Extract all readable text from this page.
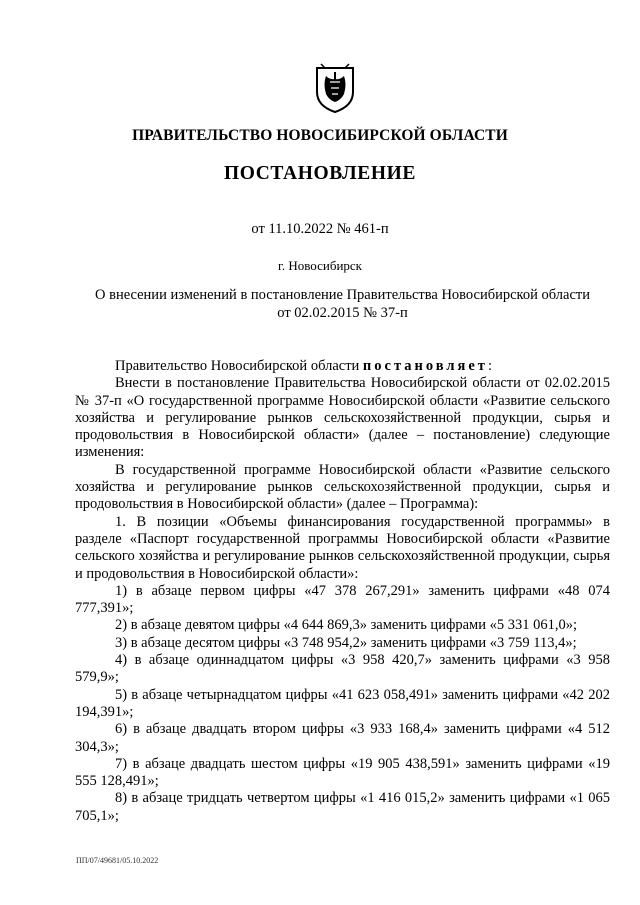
ПРАВИТЕЛЬСТВО НОВОСИБИРСКОЙ ОБЛАСТИ
ПОСТАНОВЛЕНИЕ
от 11.10.2022 № 461-п
г. Новосибирск
О внесении изменений в постановление Правительства Новосибирской области
от 02.02.2015 № 37-п

Правительство Новосибирской области постановляет:

Внести в постановление Правительства Новосибирской области от 02.02.2015 № 37-п «О государственной программе Новосибирской области «Развитие сельского хозяйства и регулирование рынков сельскохозяйственной продукции, сырья и продовольствия в Новосибирской области» (далее – постановление) следующие изменения:

В государственной программе Новосибирской области «Развитие сельского хозяйства и регулирование рынков сельскохозяйственной продукции, сырья и продовольствия в Новосибирской области» (далее – Программа):

1. В позиции «Объемы финансирования государственной программы» в разделе «Паспорт государственной программы Новосибирской области «Развитие сельского хозяйства и регулирование рынков сельскохозяйственной продукции, сырья и продовольствия в Новосибирской области»:

1) в абзаце первом цифры «47 378 267,291» заменить цифрами «48 074 777,391»;

2) в абзаце девятом цифры «4 644 869,3» заменить цифрами «5 331 061,0»;

3) в абзаце десятом цифры «3 748 954,2» заменить цифрами «3 759 113,4»;

4) в абзаце одиннадцатом цифры «3 958 420,7» заменить цифрами «3 958 579,9»;

5) в абзаце четырнадцатом цифры «41 623 058,491» заменить цифрами «42 202 194,391»;

6) в абзаце двадцать втором цифры «3 933 168,4» заменить цифрами «4 512 304,3»;

7) в абзаце двадцать шестом цифры «19 905 438,591» заменить цифрами «19 555 128,491»;

8) в абзаце тридцать четвертом цифры «1 416 015,2» заменить цифрами «1 065 705,1»;

ПП/07/49681/05.10.2022
